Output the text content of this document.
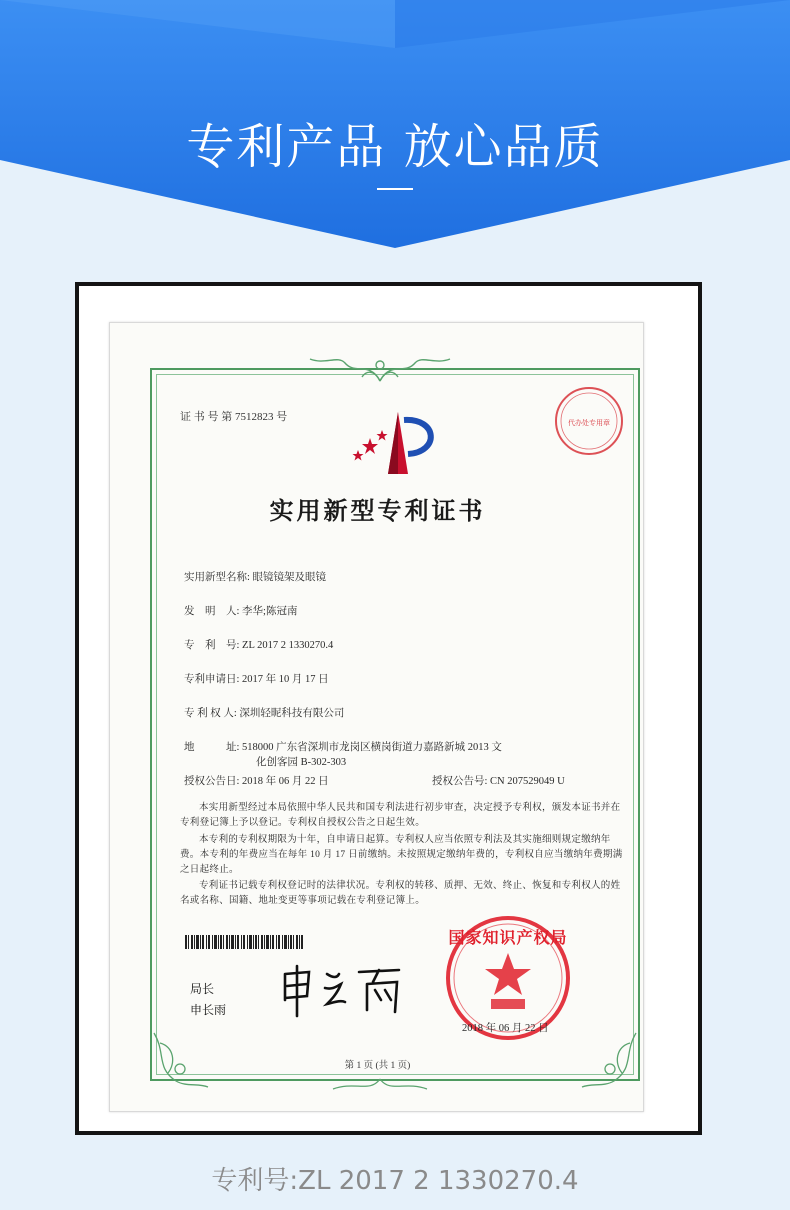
专利产品 放心品质
证 书 号 第 7512823 号	代办处专用章
实用新型专利证书
实用新型名称: 眼镜镜架及眼镜
发　明　人: 李华;陈冠南
专　利　号: ZL 2017 2 1330270.4
专利申请日: 2017 年 10 月 17 日
专 利 权 人: 深圳轻昵科技有限公司
地　　　址: 518000 广东省深圳市龙岗区横岗街道力嘉路新城 2013 文
化创客园 B-302-303
授权公告日: 2018 年 06 月 22 日	授权公告号: CN 207529049 U
本实用新型经过本局依照中华人民共和国专利法进行初步审查，决定授予专利权，颁发本证书并在专利登记簿上予以登记。专利权自授权公告之日起生效。
本专利的专利权期限为十年，自申请日起算。专利权人应当依照专利法及其实施细则规定缴纳年费。本专利的年费应当在每年 10 月 17 日前缴纳。未按照规定缴纳年费的，专利权自应当缴纳年费期满之日起终止。
专利证书记载专利权登记时的法律状况。专利权的转移、质押、无效、终止、恢复和专利权人的姓名或名称、国籍、地址变更等事项记载在专利登记簿上。
局长
申长雨
国家知识产权局
2018 年 06 月 22 日
第 1 页 (共 1 页)
专利号:ZL 2017 2 1330270.4
